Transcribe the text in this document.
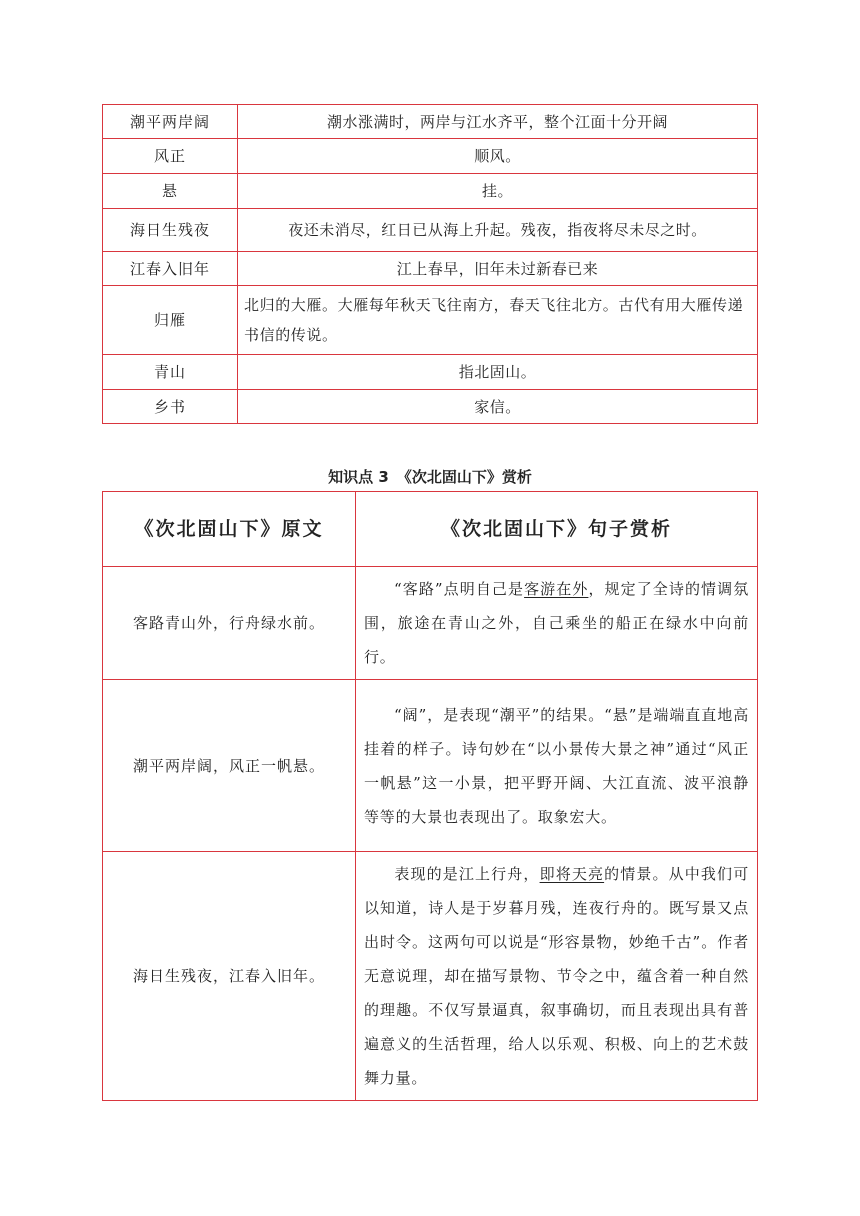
潮平两岸阔	潮水涨满时，两岸与江水齐平，整个江面十分开阔
风正	顺风。
悬	挂。
海日生残夜	夜还未消尽，红日已从海上升起。残夜，指夜将尽未尽之时。
江春入旧年	江上春早，旧年未过新春已来
归雁	北归的大雁。大雁每年秋天飞往南方，春天飞往北方。古代有用大雁传递书信的传说。
青山	指北固山。
乡书	家信。
知识点 3 《次北固山下》赏析
《次北固山下》原文	《次北固山下》句子赏析
客路青山外，行舟绿水前。	“客路”点明自己是客游在外，规定了全诗的情调氛围，旅途在青山之外，自己乘坐的船正在绿水中向前行。
潮平两岸阔，风正一帆悬。	“阔”，是表现“潮平”的结果。“悬”是端端直直地高挂着的样子。诗句妙在“以小景传大景之神”通过“风正一帆悬”这一小景，把平野开阔、大江直流、波平浪静等等的大景也表现出了。取象宏大。
海日生残夜，江春入旧年。	表现的是江上行舟，即将天亮的情景。从中我们可以知道，诗人是于岁暮月残，连夜行舟的。既写景又点出时令。这两句可以说是“形容景物，妙绝千古”。作者无意说理，却在描写景物、节令之中，蕴含着一种自然的理趣。不仅写景逼真，叙事确切，而且表现出具有普遍意义的生活哲理，给人以乐观、积极、向上的艺术鼓舞力量。
